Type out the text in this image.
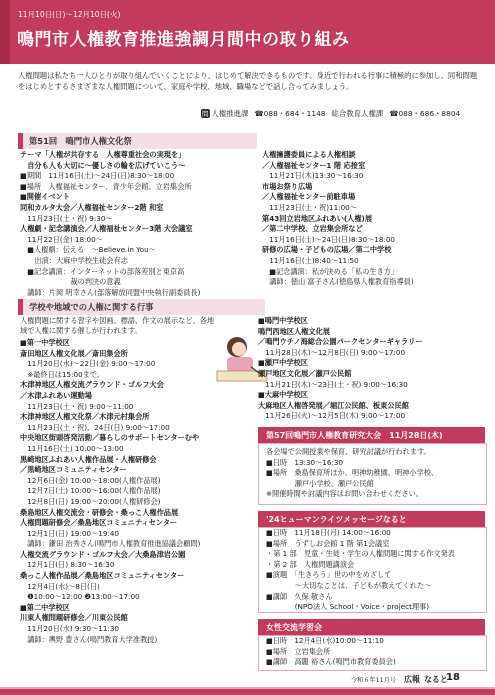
11月10日(日)〜12月10日(火)
鳴門市人権教育推進強調月間中の取り組み
人権問題は私たち一人ひとりが取り組んでいくことにより、はじめて解決できるものです。身近で行われる行事に積極的に参加し、同和問題をはじめとするさまざまな人権問題について、家庭や学校、地域、職場などで話し合ってみましょう。
問 人権推進課 ☎088・684・1148 総合教育人権課 ☎088・686・8804
第51回　鳴門市人権文化祭

テーマ「人権が共存する　人権尊重社会の実現を」

　自分も人も大切に〜優しさの輪を広げていこう〜

■期間　11月16日(土)〜24日(日)8:30〜18:00

■場所　人権福祉センター、青少年会館、立岩集会所

■開催イベント

同和カルタ大会／人権福祉センター2階 和室

　11月23日(土・祝) 9:30〜

人権劇・記念講演会／人権福祉センター3階 大会議室

　11月22日(金) 18:00〜

　■人権劇：伝える　〜Believe in You〜

　　出演：大麻中学校生徒会有志

　■記念講演：インターネットの部落差別と東京高

　　　　　　　裁の判決の意義

　講師：片岡 明幸さん(部落解放同盟中央執行副委員長)

人権擁護委員による人権相談

／人権福祉センター1 階 応接室

　11月21日(木)13:30〜16:30

市場お祭り広場

／人権福祉センター前駐車場

　11月23日(土・祝)11:00〜

第43回立岩地区ふれあい(人権)展

／第二中学校、立岩集会所など

　11月16日(土)〜24日(日)8:30〜18:00

研修の広場・子どもの広場／第二中学校

　11月16日(土)8:40〜11:50

　■記念講演：私が決める「私の生き方」

　講師：徳山 富子さん(徳島県人権教育指導員)

学校や地域での人権に関する行事
人権問題に関する習字や図画、標語、作文の展示など、各地域で人権に関する催しが行われます。

■第一中学校区

斎田地区人権文化展／斎田集会所

　11月20日(水)〜22日(金) 9:00〜17:00

　※最終日は15:00まで。

木津神地区人権交流グラウンド・ゴルフ大会

／木津ふれあい運動場

　11月23日(土・祝) 9:00〜11:00

木津神地区人権文化祭／木津元村集会所

　11月23日(土・祝)、24日(日) 9:00〜17:00

中央地区街頭啓発活動／暮らしのサポートセンターむや

　11月16日(土) 10:00〜13:00

黒崎地区ふれあい人権作品展・人権研修会

／黒崎地区コミュニティセンター

　12月6日(金) 10:00〜18:00(人権作品展)

　12月7日(土) 10:00〜16:00(人権作品展)

　12月8日(日) 19:00〜20:00(人権研修会)

桑島地区人権交流会・研修会・桑っこ人権作品展

人権問題研修会／桑島地区コミュニティセンター

　12月1日(日) 19:00〜19:40

　講師：鎌田 治秀さん(鳴門市人権教育推進協議会顧問)

人権交流グラウンド・ゴルフ大会／大桑島津岩公園

　12月1日(日) 8:30〜16:30

桑っこ人権作品展／桑島地区コミュニティセンター

　12月4日(水)〜8日(日)

　❶10:00〜12:00 ❷13:00〜17:00

■第二中学校区

川東人権問題研修会／川東公民館

　11月20日(水) 9:30〜11:30

　講師：輿野 豊さん(鳴門教育大学准教授)

■鳴門中学校区

鳴門西地区人権文化展

／鳴門ウチノ海総合公園パークセンターギャラリー

　11月28日(木)〜12月8日(日) 9:00〜17:00

■瀬戸中学校区

瀬戸地区文化展／瀬戸公民館

　11月21日(木)〜23日(土・祝) 9:00〜16:30

■大麻中学校区

大麻地区人権啓発展／堀江公民館、板東公民館

　11月26日(火)〜12月5日(木) 9:00〜17:00

第57回鳴門市人権教育研究大会　11月28日(木)

各会場で公開授業や保育、研究討議が行われます。

■日時　13:30〜16:30

■場所　桑島保育所ほか、明神幼稚園、明神小学校、

　　　　瀬戸小学校、瀬戸公民館

※開催時間や討議内容はお問い合わせください。

'24ヒューマンライツメッセージなると

■日時　11月18日(月) 14:00〜16:00

■場所　うずしお会館 1 階 第1会議室

・第 1 部　児童・生徒・学生の人権問題に関する作文発表

・第 2 部　人権問題講演会

■演題　「生きろう」世の中をめざして

　　　　〜大切なことは、子どもが教えてくれた〜

■講師　久保 敬さん

　　　　(NPO法人 School・Voice・project理事)

女性交流学習会

■日時　12月4日(水)10:00〜11:10

■場所　立岩集会所

■講師　高麗 裕さん(鳴門市教育委員会)

令和６年11月号 広報 なると
18
